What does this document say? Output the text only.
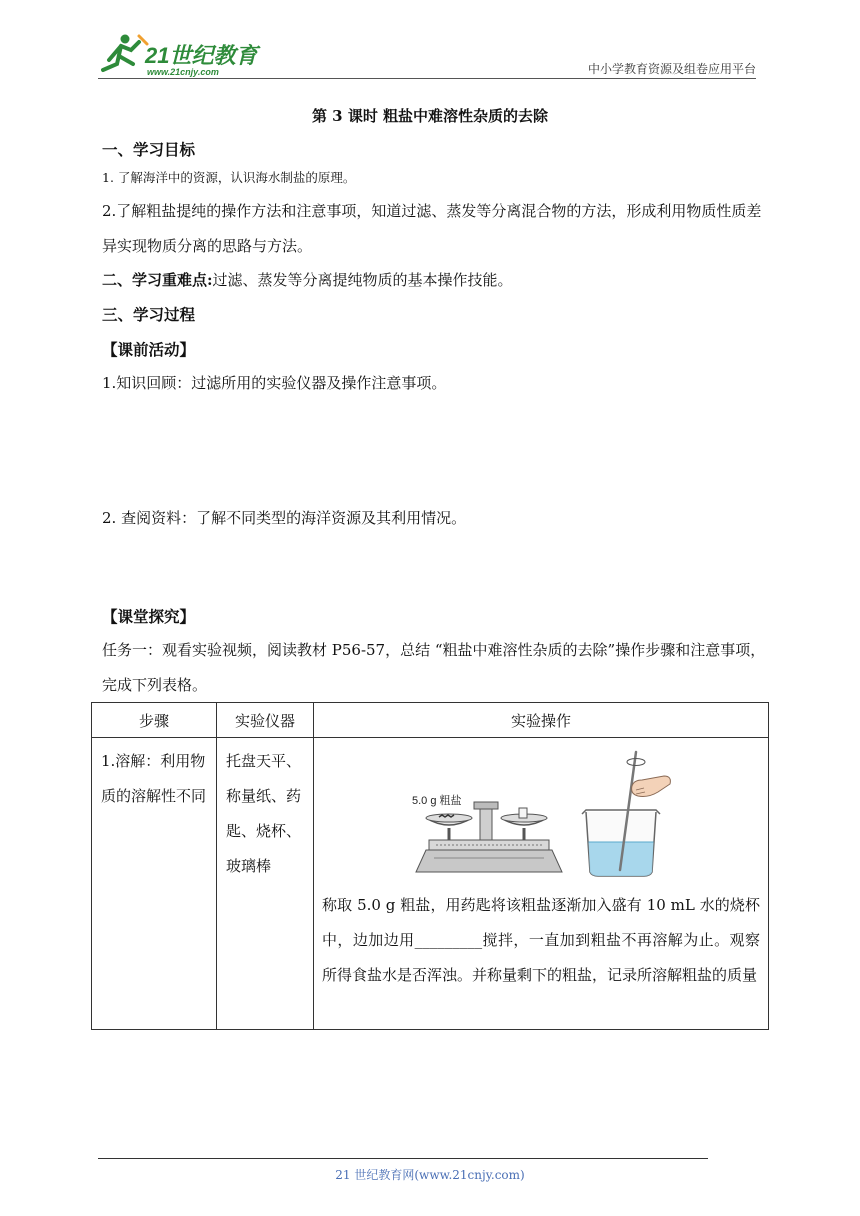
21世纪教育
www.21cnjy.com	中小学教育资源及组卷应用平台
第 3 课时 粗盐中难溶性杂质的去除
一、学习目标
1. 了解海洋中的资源，认识海水制盐的原理。
2.了解粗盐提纯的操作方法和注意事项，知道过滤、蒸发等分离混合物的方法，形成利用物质性质差异实现物质分离的思路与方法。
二、学习重难点:过滤、蒸发等分离提纯物质的基本操作技能。
三、学习过程
【课前活动】
1.知识回顾：过滤所用的实验仪器及操作注意事项。
2. 查阅资料：了解不同类型的海洋资源及其利用情况。
【课堂探究】
任务一：观看实验视频，阅读教材 P56-57，总结 “粗盐中难溶性杂质的去除”操作步骤和注意事项，完成下列表格。
步骤	实验仪器	实验操作

1.溶解：利用物质的溶解性不同	托盘天平、称量纸、药匙、烧杯、玻璃棒	5.0 g 粗盐
称取 5.0 g 粗盐，用药匙将该粗盐逐渐加入盛有 10 mL 水的烧杯中，边加边用_________搅拌，一直加到粗盐不再溶解为止。观察所得食盐水是否浑浊。并称量剩下的粗盐，记录所溶解粗盐的质量
21 世纪教育网(www.21cnjy.com)
